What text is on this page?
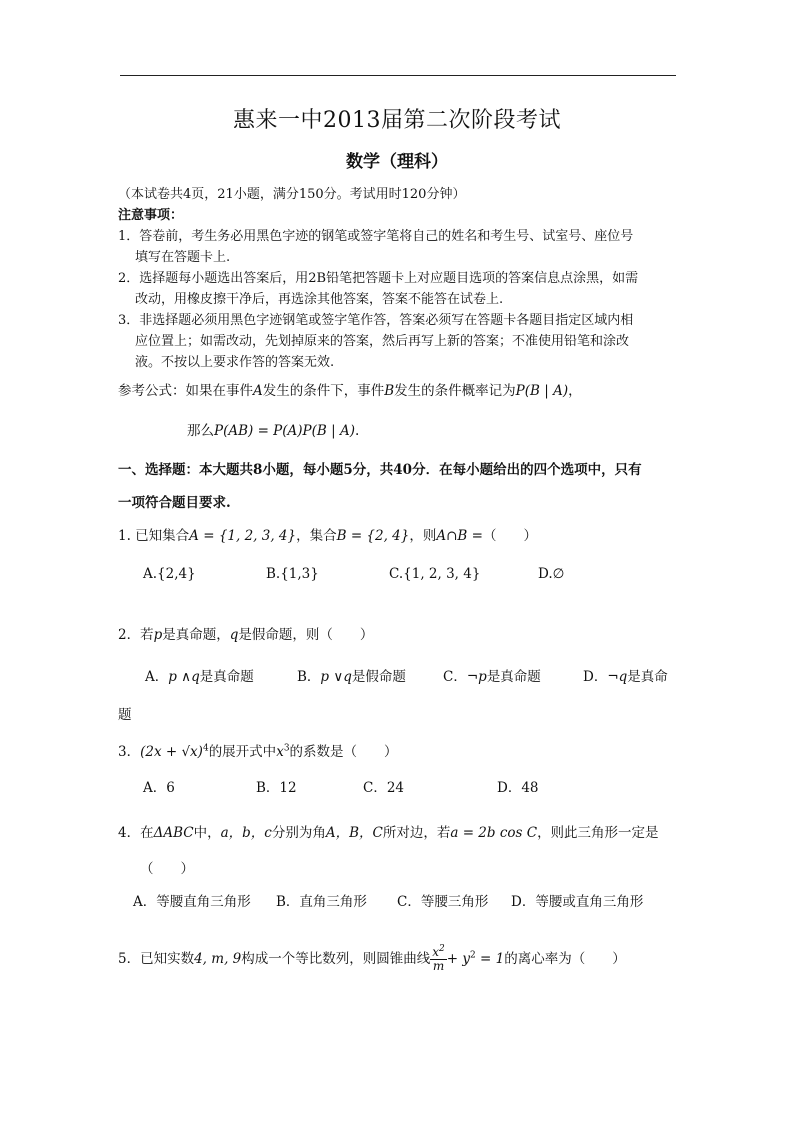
惠来一中2013届第二次阶段考试
数学（理科）
（本试卷共4页，21小题，满分150分。考试用时120分钟）
注意事项：
1．答卷前，考生务必用黑色字迹的钢笔或签字笔将自己的姓名和考生号、试室号、座位号
填写在答题卡上.
2．选择题每小题选出答案后，用2B铅笔把答题卡上对应题目选项的答案信息点涂黑，如需
改动，用橡皮擦干净后，再选涂其他答案，答案不能答在试卷上.
3．非选择题必须用黑色字迹钢笔或签字笔作答，答案必须写在答题卡各题目指定区域内相
应位置上；如需改动，先划掉原来的答案，然后再写上新的答案；不准使用铅笔和涂改
液。不按以上要求作答的答案无效.
参考公式：如果在事件A发生的条件下，事件B发生的条件概率记为P(B | A)，
那么P(AB) = P(A)P(B | A).
一、选择题：本大题共8小题，每小题5分，共40分．在每小题给出的四个选项中，只有
一项符合题目要求.
1. 已知集合A = {1, 2, 3, 4}，集合B = {2, 4}，则A∩B =（　　）
A.{2,4}	B.{1,3}	C.{1, 2, 3, 4}	D.∅
2．若p是真命题，q是假命题，则（　　）
A．p ∧q是真命题	B．p ∨q是假命题	C．¬p是真命题	D．¬q是真命
题
3．$(2x + √x)^4$的展开式中$x^3$的系数是（　　）
A．6	B．12	C．24	D．48
4．在ΔABC中，a，b，c分别为角A，B，C所对边，若a = 2b cos C，则此三角形一定是
（　　）
A．等腰直角三角形 B．直角三角形 C．等腰三角形 D．等腰或直角三角形
5．已知实数4, m, 9构成一个等比数列，则圆锥曲线 $\frac{x^2}{m} + y^2 = 1$的离心率为（　　）
